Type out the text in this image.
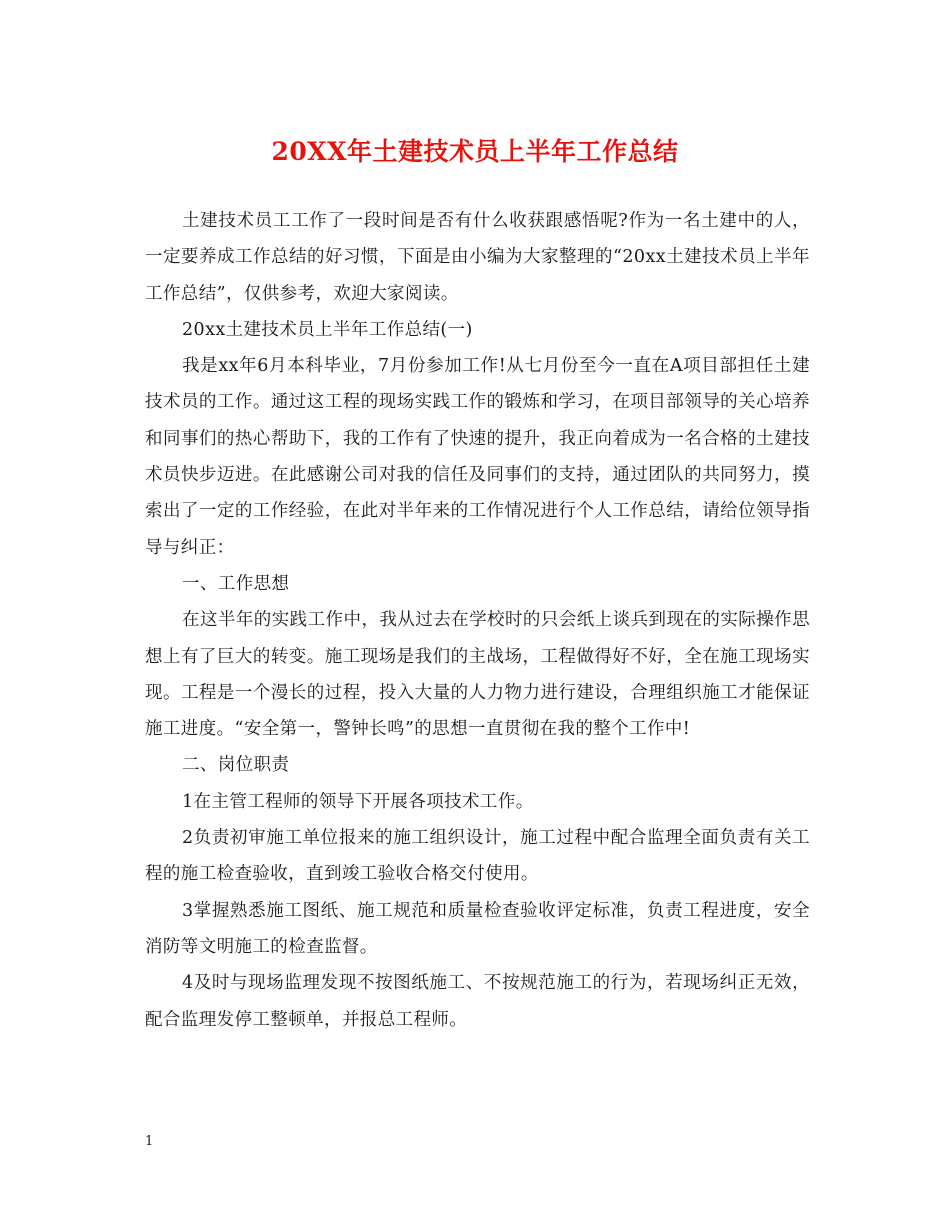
20XX年土建技术员上半年工作总结

土建技术员工工作了一段时间是否有什么收获跟感悟呢?作为一名土建中的人，一定要养成工作总结的好习惯，下面是由小编为大家整理的“20xx土建技术员上半年工作总结”，仅供参考，欢迎大家阅读。

20xx土建技术员上半年工作总结(一)

我是xx年6月本科毕业，7月份参加工作!从七月份至今一直在A项目部担任土建技术员的工作。通过这工程的现场实践工作的锻炼和学习，在项目部领导的关心培养和同事们的热心帮助下，我的工作有了快速的提升，我正向着成为一名合格的土建技术员快步迈进。在此感谢公司对我的信任及同事们的支持，通过团队的共同努力，摸索出了一定的工作经验，在此对半年来的工作情况进行个人工作总结，请给位领导指导与纠正：

一、工作思想

在这半年的实践工作中，我从过去在学校时的只会纸上谈兵到现在的实际操作思想上有了巨大的转变。施工现场是我们的主战场，工程做得好不好，全在施工现场实现。工程是一个漫长的过程，投入大量的人力物力进行建设，合理组织施工才能保证施工进度。“安全第一，警钟长鸣”的思想一直贯彻在我的整个工作中!

二、岗位职责

1在主管工程师的领导下开展各项技术工作。

2负责初审施工单位报来的施工组织设计，施工过程中配合监理全面负责有关工程的施工检查验收，直到竣工验收合格交付使用。

3掌握熟悉施工图纸、施工规范和质量检查验收评定标准，负责工程进度，安全消防等文明施工的检查监督。

4及时与现场监理发现不按图纸施工、不按规范施工的行为，若现场纠正无效，配合监理发停工整顿单，并报总工程师。

1
